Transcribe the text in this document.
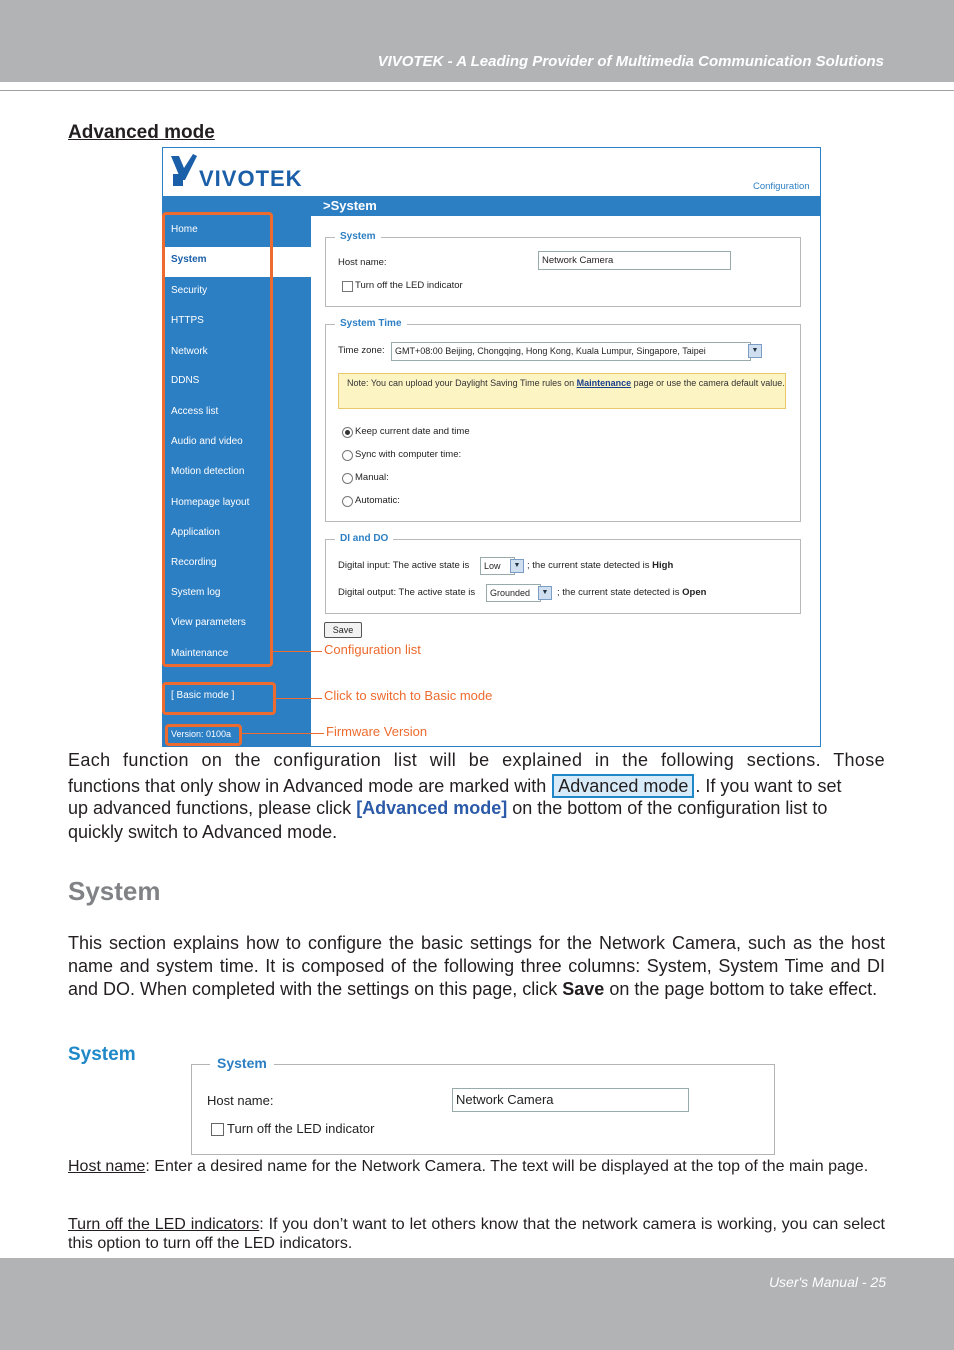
VIVOTEK - A Leading Provider of Multimedia Communication Solutions
Advanced mode
VIVOTEK	Configuration
>System
Home
System
Security
HTTPS
Network
DDNS
Access list
Audio and video
Motion detection
Homepage layout
Application
Recording
System log
View parameters
Maintenance
[ Basic mode ]
Version: 0100a
System
Host name:	Network Camera
Turn off the LED indicator
System Time
Time zone:	GMT+08:00 Beijing, Chongqing, Hong Kong, Kuala Lumpur, Singapore, Taipei	▼
Note: You can upload your Daylight Saving Time rules on Maintenance page or use the camera default value.
Keep current date and time
Sync with computer time:
Manual:
Automatic:
DI and DO
Digital input: The active state is	Low	▼ ; the current state detected is High
Digital output: The active state is	Grounded	▼ ; the current state detected is Open
Save
Configuration list
Click to switch to Basic mode
Firmware Version
Each function on the configuration list will be explained in the following sections. Those
functions that only show in Advanced mode are marked with Advanced mode . If you want to set
up advanced functions, please click [Advanced mode] on the bottom of the configuration list to
quickly switch to Advanced mode.
System
This section explains how to configure the basic settings for the Network Camera, such as the host name and system time. It is composed of the following three columns: System, System Time and DI and DO. When completed with the settings on this page, click Save on the page bottom to take effect.
System	System
Host name:	Network Camera
Turn off the LED indicator
Host name: Enter a desired name for the Network Camera. The text will be displayed at the top of the main page.
Turn off the LED indicators: If you don’t want to let others know that the network camera is working, you can select this option to turn off the LED indicators.
User's Manual - 25
